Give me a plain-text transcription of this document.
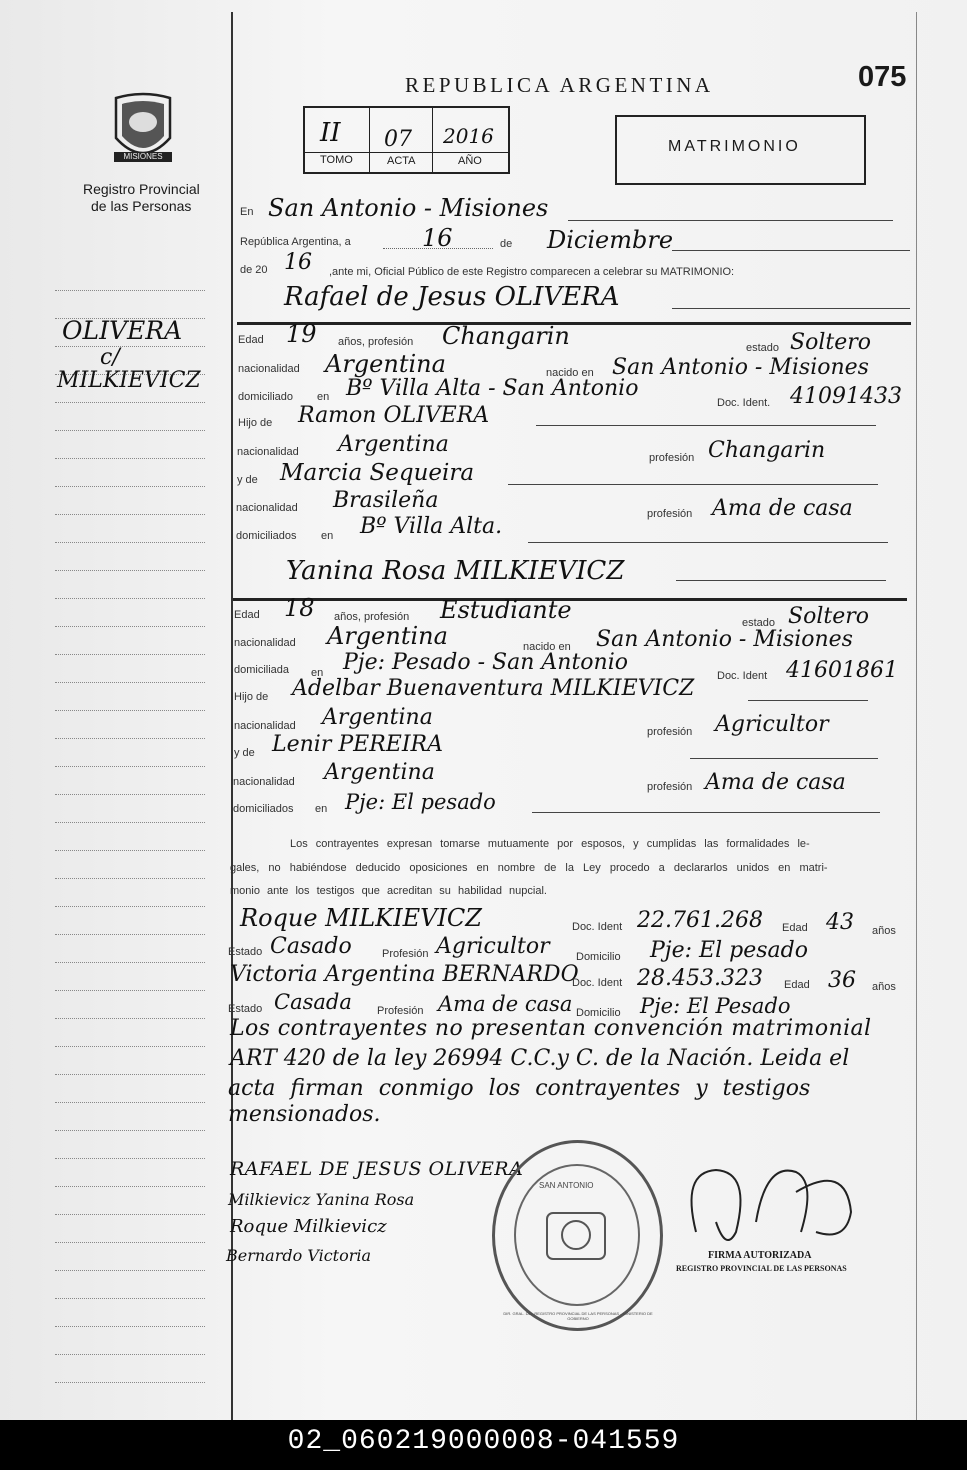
MISIONES
Registro Provincial
de las Personas
OLIVERA
c/
MILKIEVICZ
REPUBLICA ARGENTINA	075
II 07 2016
TOMO	ACTA	AÑO
MATRIMONIO
En San Antonio - Misiones
República Argentina, a	16	de Diciembre
de 20 16 ,ante mi, Oficial Público de este Registro comparecen a celebrar su MATRIMONIO:
Rafael de Jesus OLIVERA
Edad 19 años, profesión Changarin	estado Soltero
nacionalidad Argentina	nacido en San Antonio - Misiones
domiciliado en Bº Villa Alta - San Antonio
Doc. Ident. 41091433
Hijo de Ramon OLIVERA
nacionalidad Argentina
profesión Changarin
y de Marcia Sequeira
nacionalidad Brasileña
profesión Ama de casa
domiciliados en Bº Villa Alta.
Yanina Rosa MILKIEVICZ
Edad 18 años, profesión Estudiante	estado Soltero
nacionalidad Argentina	nacido en San Antonio - Misiones
domiciliada en Pje: Pesado - San Antonio
Doc. Ident 41601861
Hijo de Adelbar Buenaventura MILKIEVICZ
nacionalidad Argentina
profesión Agricultor
y de Lenir PEREIRA
nacionalidad Argentina
profesión Ama de casa
domiciliados en Pje: El pesado
Los contrayentes expresan tomarse mutuamente por esposos, y cumplidas las formalidades le-
gales, no habiéndose deducido oposiciones en nombre de la Ley procedo a declararlos unidos en matri-
monio ante los testigos que acreditan su habilidad nupcial.
Roque MILKIEVICZ	Doc. Ident 22.761.268 Edad 43 años
Estado Casado	Profesión Agricultor Domicilio Pje: El pesado
Victoria Argentina BERNARDO
Doc. Ident 28.453.323 Edad 36 años
Estado Casada Profesión Ama de casa Domicilio Pje: El Pesado
Los contrayentes no presentan convención matrimonial
ART 420 de la ley 26994 C.C.y C. de la Nación. Leida el
acta firman conmigo los contrayentes y testigos
mensionados.
RAFAEL DE JESUS OLIVERA
Milkievicz Yanina Rosa
Roque Milkievicz
Bernardo Victoria
SAN ANTONIO
DIR. GRAL. DEL REGISTRO PROVINCIAL DE LAS PERSONAS - MINISTERIO DE GOBIERNO
FIRMA AUTORIZADA
REGISTRO PROVINCIAL DE LAS PERSONAS
02_060219000008-041559
